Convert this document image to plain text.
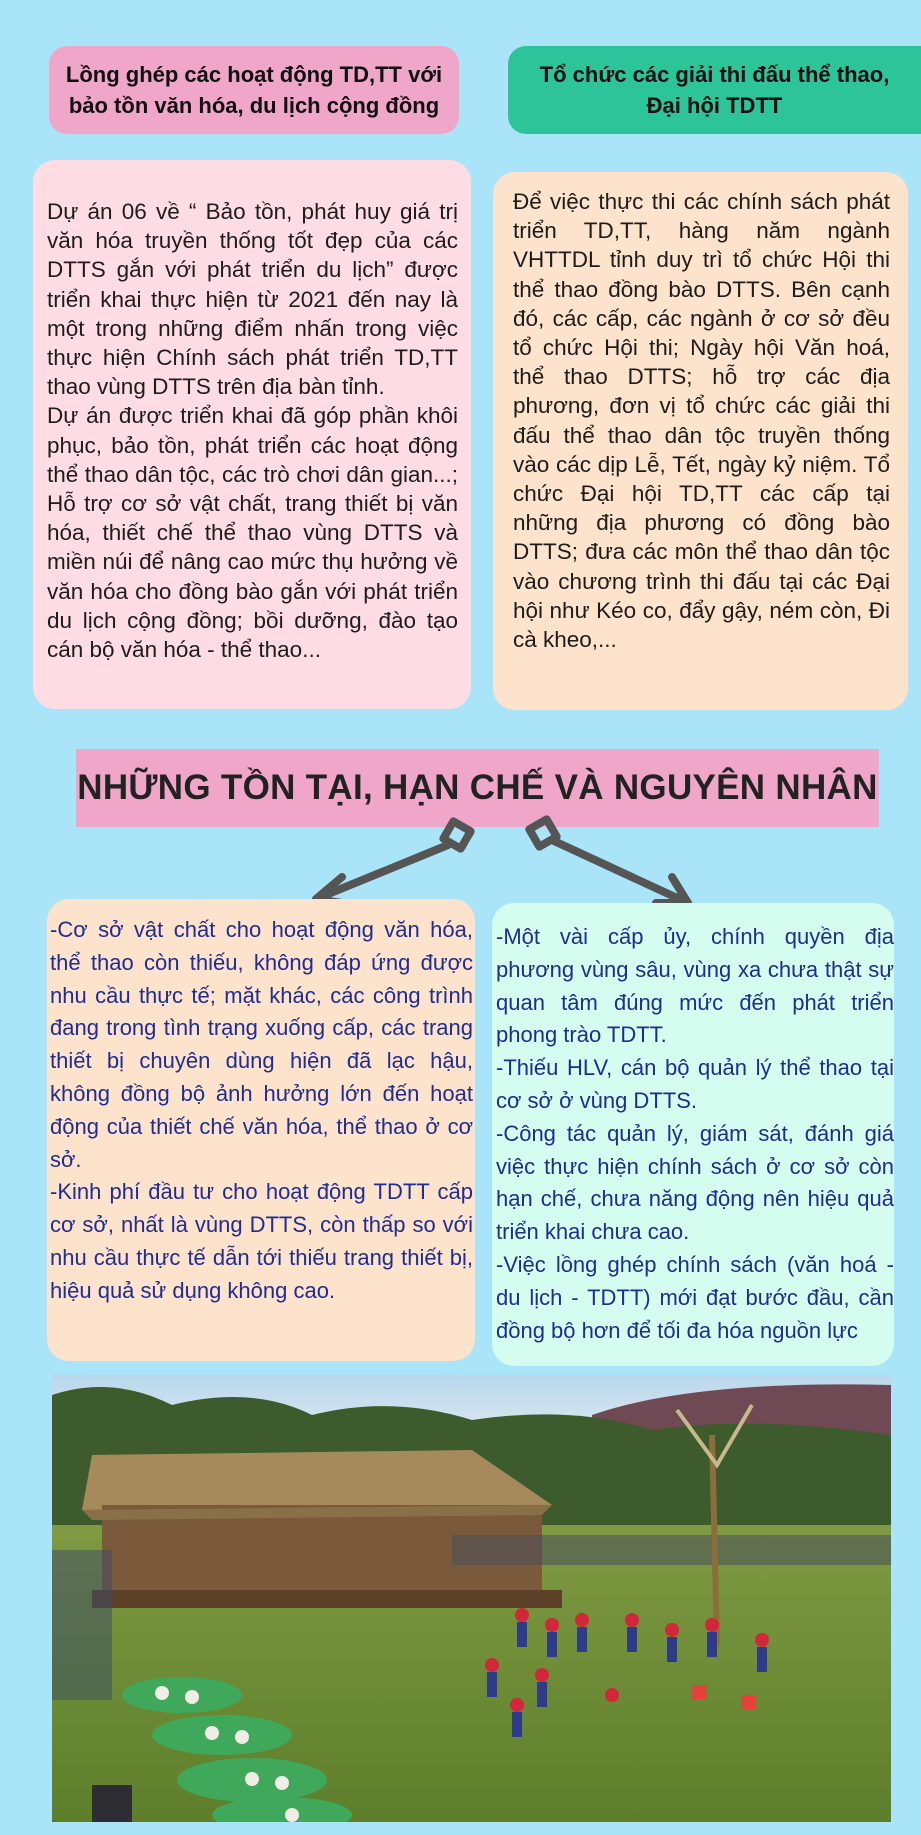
Lồng ghép các hoạt động TD,TT với bảo tồn văn hóa, du lịch cộng đồng
Tổ chức các giải thi đấu thể thao, Đại hội TDTT

Dự án 06 về “ Bảo tồn, phát huy giá trị văn hóa truyền thống tốt đẹp của các DTTS gắn với phát triển du lịch” được triển khai thực hiện từ 2021 đến nay là một trong những điểm nhấn trong việc thực hiện Chính sách phát triển TD,TT thao vùng DTTS trên địa bàn tỉnh.

Dự án được triển khai đã góp phần khôi phục, bảo tồn, phát triển các hoạt động thể thao dân tộc, các trò chơi dân gian...; Hỗ trợ cơ sở vật chất, trang thiết bị văn hóa, thiết chế thể thao vùng DTTS và miền núi để nâng cao mức thụ hưởng về văn hóa cho đồng bào gắn với phát triển du lịch cộng đồng; bồi dưỡng, đào tạo cán bộ văn hóa - thể thao...

Để việc thực thi các chính sách phát triển TD,TT, hàng năm ngành VHTTDL tỉnh duy trì tổ chức Hội thi thể thao đồng bào DTTS. Bên cạnh đó, các cấp, các ngành ở cơ sở đều tổ chức Hội thi; Ngày hội Văn hoá, thể thao DTTS; hỗ trợ các địa phương, đơn vị tổ chức các giải thi đấu thể thao dân tộc truyền thống vào các dịp Lễ, Tết, ngày kỷ niệm. Tổ chức Đại hội TD,TT các cấp tại những địa phương có đồng bào DTTS; đưa các môn thể thao dân tộc vào chương trình thi đấu tại các Đại hội như Kéo co, đẩy gậy, ném còn, Đi cà kheo,...

NHỮNG TỒN TẠI, HẠN CHẾ VÀ NGUYÊN NHÂN

-Cơ sở vật chất cho hoạt động văn hóa, thể thao còn thiếu, không đáp ứng được nhu cầu thực tế; mặt khác, các công trình đang trong tình trạng xuống cấp, các trang thiết bị chuyên dùng hiện đã lạc hậu, không đồng bộ ảnh hưởng lớn đến hoạt động của thiết chế văn hóa, thể thao ở cơ sở.

-Kinh phí đầu tư cho hoạt động TDTT cấp cơ sở, nhất là vùng DTTS, còn thấp so với nhu cầu thực tế dẫn tới thiếu trang thiết bị, hiệu quả sử dụng không cao.

-Một vài cấp ủy, chính quyền địa phương vùng sâu, vùng xa chưa thật sự quan tâm đúng mức đến phát triển phong trào TDTT.

-Thiếu HLV, cán bộ quản lý thể thao tại cơ sở ở vùng DTTS.

-Công tác quản lý, giám sát, đánh giá việc thực hiện chính sách ở cơ sở còn hạn chế, chưa năng động nên hiệu quả triển khai chưa cao.

-Việc lồng ghép chính sách (văn hoá - du lịch - TDTT) mới đạt bước đầu, cần đồng bộ hơn để tối đa hóa nguồn lực
